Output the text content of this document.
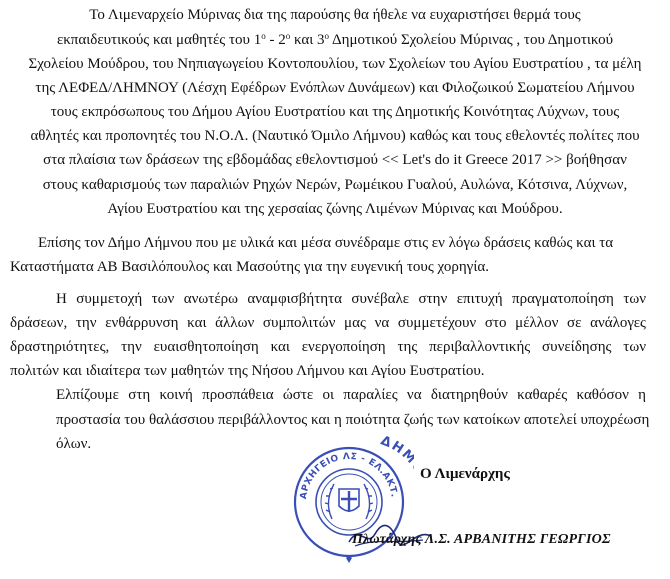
Το Λιμεναρχείο Μύρινας δια της παρούσης θα ήθελε να ευχαριστήσει θερμά τους
εκπαιδευτικούς και μαθητές του $1^o - 2^o$ και $3^o$ Δημοτικού Σχολείου Μύρινας , του Δημοτικού
Σχολείου Μούδρου, του Νηπιαγωγείου Κοντοπουλίου, των Σχολείων του Αγίου Ευστρατίου , τα μέλη
της ΛΕΦΕΔ/ΛΗΜΝΟΥ (Λέσχη Εφέδρων Ενόπλων Δυνάμεων) και Φιλοζωικού Σωματείου Λήμνου
τους εκπρόσωπους του Δήμου Αγίου Ευστρατίου και της Δημοτικής Κοινότητας Λύχνων, τους
αθλητές και προπονητές του Ν.Ο.Λ. (Ναυτικό Όμιλο Λήμνου) καθώς και τους εθελοντές πολίτες που
στα πλαίσια των δράσεων της εβδομάδας εθελοντισμού << Let's do it Greece 2017 >> βοήθησαν
στους καθαρισμούς των παραλιών Ρηχών Νερών, Ρωμέικου Γυαλού, Αυλώνα, Κότσινα, Λύχνων,
Αγίου Ευστρατίου και της χερσαίας ζώνης Λιμένων Μύρινας και Μούδρου.
Επίσης τον Δήμο Λήμνου που με υλικά και μέσα συνέδραμε στις εν λόγω δράσεις καθώς και τα
Καταστήματα ΑΒ Βασιλόπουλος και Μασούτης για την ευγενική τους χορηγία.
Η συμμετοχή των ανωτέρω αναμφισβήτητα συνέβαλε στην επιτυχή πραγματοποίηση των
δράσεων, την ενθάρρυνση και άλλων συμπολιτών μας να συμμετέχουν στο μέλλον σε ανάλογες
δραστηριότητες, την ευαισθητοποίηση και ενεργοποίηση της περιβαλλοντικής συνείδησης των
πολιτών και ιδιαίτερα των μαθητών της Νήσου Λήμνου και Αγίου Ευστρατίου.
Ελπίζουμε στη κοινή προσπάθεια ώστε οι παραλίες να διατηρηθούν καθαρές καθόσον η
προστασία του θαλάσσιου περιβάλλοντος και η ποιότητα ζωής των κατοίκων αποτελεί υποχρέωση
όλων.
ΑΡΧΗΓΕΙΟ ΛΣ - ΕΛ.ΑΚΤ.
ΔΗ
Ο Λιμενάρχης
Πλωτάρχης Λ.Σ. ΑΡΒΑΝΙΤΗΣ ΓΕΩΡΓΙΟΣ
